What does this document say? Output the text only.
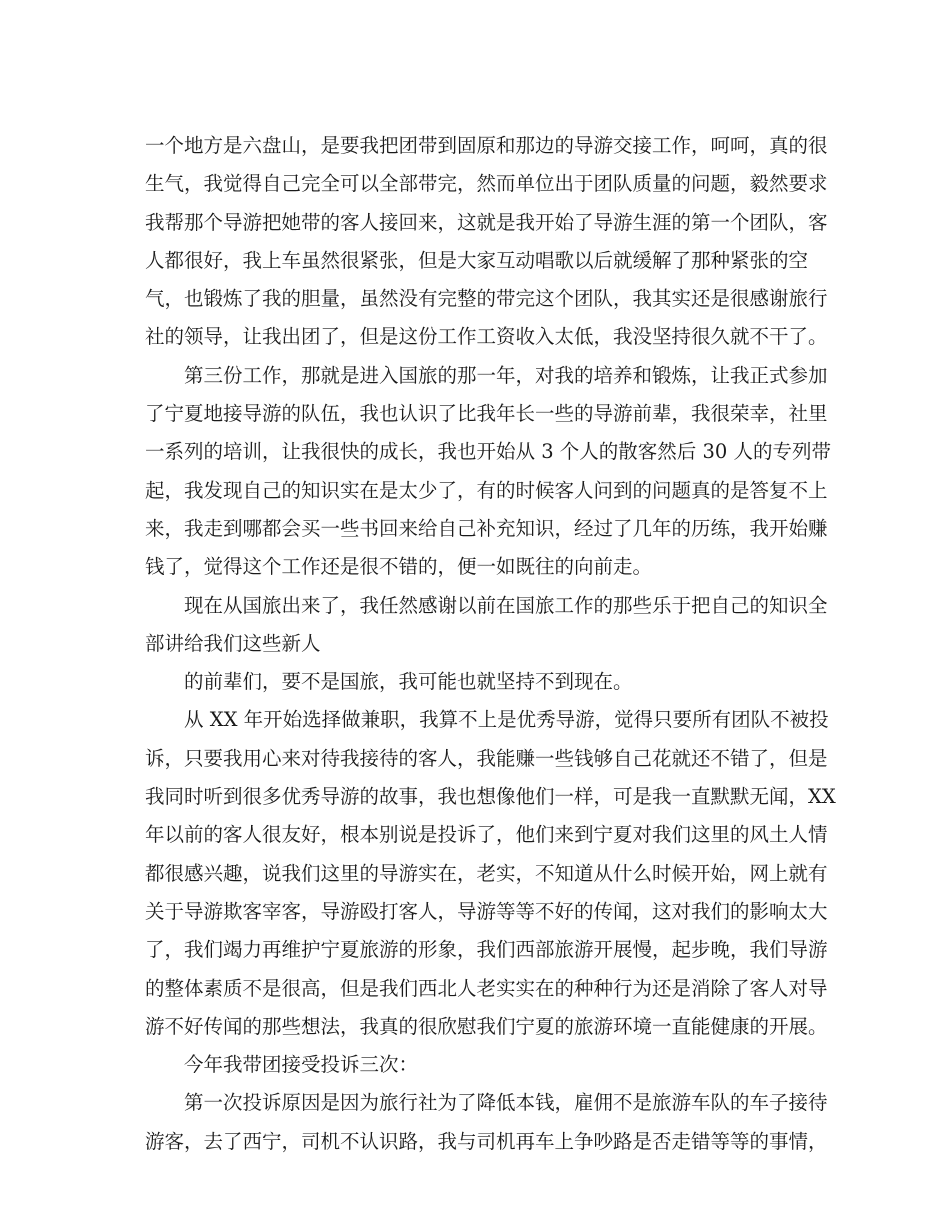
一个地方是六盘山，是要我把团带到固原和那边的导游交接工作，呵呵，真的很
生气，我觉得自己完全可以全部带完，然而单位出于团队质量的问题，毅然要求
我帮那个导游把她带的客人接回来，这就是我开始了导游生涯的第一个团队，客
人都很好，我上车虽然很紧张，但是大家互动唱歌以后就缓解了那种紧张的空
气，也锻炼了我的胆量，虽然没有完整的带完这个团队，我其实还是很感谢旅行
社的领导，让我出团了，但是这份工作工资收入太低，我没坚持很久就不干了。

第三份工作，那就是进入国旅的那一年，对我的培养和锻炼，让我正式参加
了宁夏地接导游的队伍，我也认识了比我年长一些的导游前辈，我很荣幸，社里
一系列的培训，让我很快的成长，我也开始从 3 个人的散客然后 30 人的专列带
起，我发现自己的知识实在是太少了，有的时候客人问到的问题真的是答复不上
来，我走到哪都会买一些书回来给自己补充知识，经过了几年的历练，我开始赚
钱了，觉得这个工作还是很不错的，便一如既往的向前走。

现在从国旅出来了，我任然感谢以前在国旅工作的那些乐于把自己的知识全
部讲给我们这些新人

的前辈们，要不是国旅，我可能也就坚持不到现在。

从 XX 年开始选择做兼职，我算不上是优秀导游，觉得只要所有团队不被投
诉，只要我用心来对待我接待的客人，我能赚一些钱够自己花就还不错了，但是
我同时听到很多优秀导游的故事，我也想像他们一样，可是我一直默默无闻，XX
年以前的客人很友好，根本别说是投诉了，他们来到宁夏对我们这里的风土人情
都很感兴趣，说我们这里的导游实在，老实，不知道从什么时候开始，网上就有
关于导游欺客宰客，导游殴打客人，导游等等不好的传闻，这对我们的影响太大
了，我们竭力再维护宁夏旅游的形象，我们西部旅游开展慢，起步晚，我们导游
的整体素质不是很高，但是我们西北人老实实在的种种行为还是消除了客人对导
游不好传闻的那些想法，我真的很欣慰我们宁夏的旅游环境一直能健康的开展。

今年我带团接受投诉三次：

第一次投诉原因是因为旅行社为了降低本钱，雇佣不是旅游车队的车子接待
游客，去了西宁，司机不认识路，我与司机再车上争吵路是否走错等等的事情，
